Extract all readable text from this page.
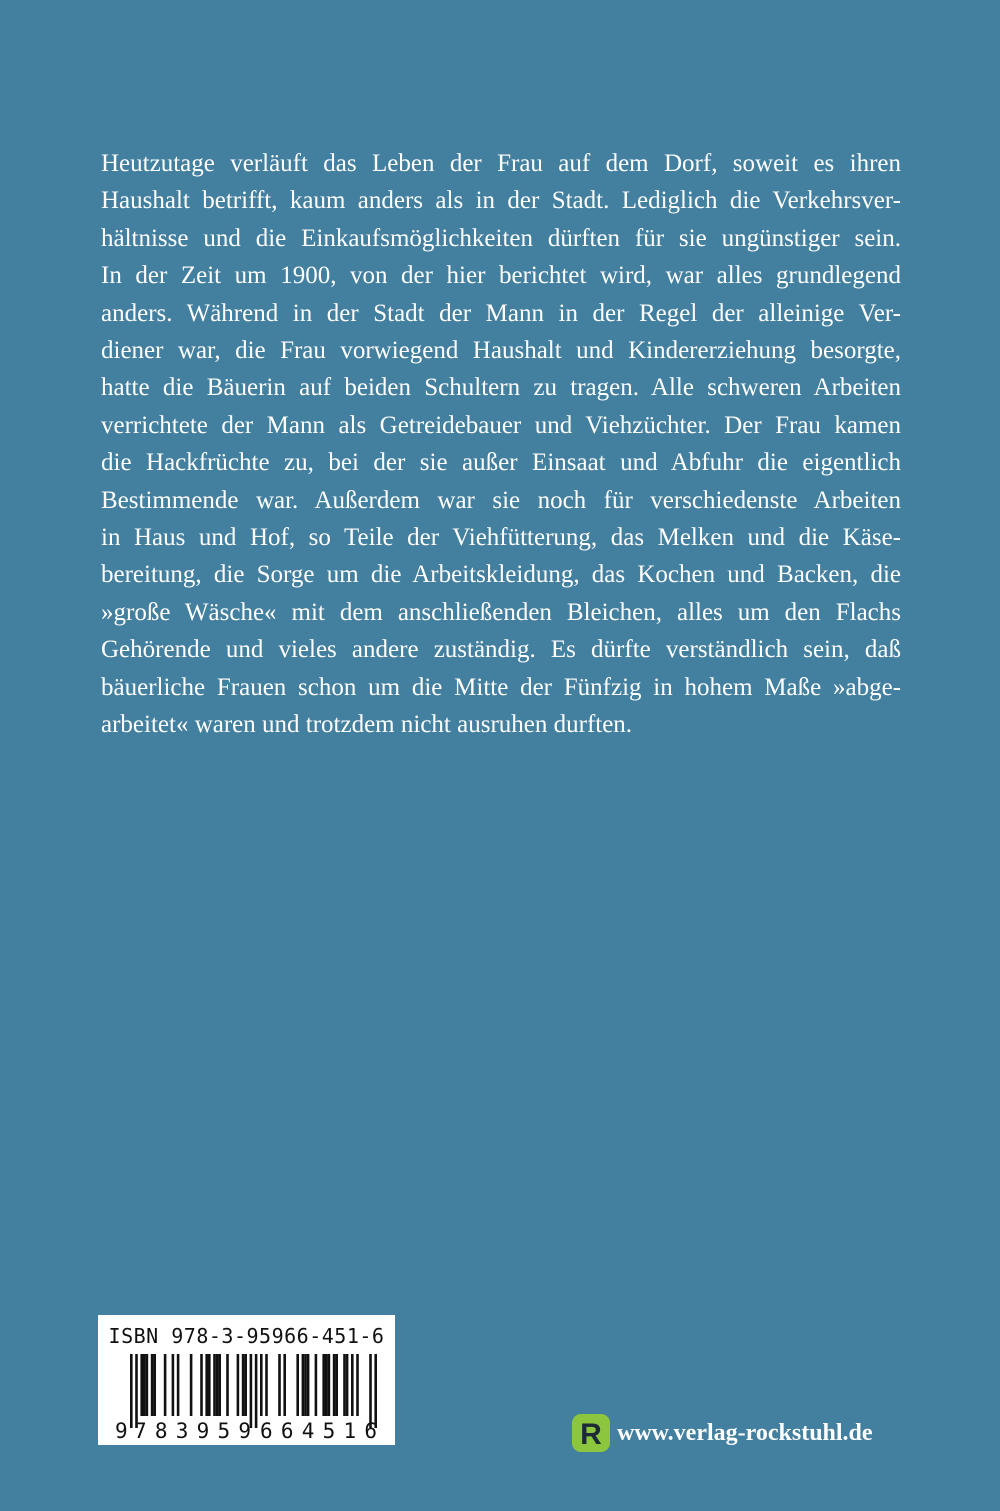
Heutzutage verläuft das Leben der Frau auf dem Dorf, soweit es ihren
Haushalt betrifft, kaum anders als in der Stadt. Lediglich die Verkehrsver-
hältnisse und die Einkaufsmöglichkeiten dürften für sie ungünstiger sein.
In der Zeit um 1900, von der hier berichtet wird, war alles grundlegend
anders. Während in der Stadt der Mann in der Regel der alleinige Ver-
diener war, die Frau vorwiegend Haushalt und Kindererziehung besorgte,
hatte die Bäuerin auf beiden Schultern zu tragen. Alle schweren Arbeiten
verrichtete der Mann als Getreidebauer und Viehzüchter. Der Frau kamen
die Hackfrüchte zu, bei der sie außer Einsaat und Abfuhr die eigentlich
Bestimmende war. Außerdem war sie noch für verschiedenste Arbeiten
in Haus und Hof, so Teile der Viehfütterung, das Melken und die Käse-
bereitung, die Sorge um die Arbeitskleidung, das Kochen und Backen, die
»große Wäsche« mit dem anschließenden Bleichen, alles um den Flachs
Gehörende und vieles andere zuständig. Es dürfte verständlich sein, daß
bäuerliche Frauen schon um die Mitte der Fünfzig in hohem Maße »abge-
arbeitet« waren und trotzdem nicht ausruhen durften.

ISBN 978-3-95966-451-6
9 783959 664516	R www.verlag-rockstuhl.de
